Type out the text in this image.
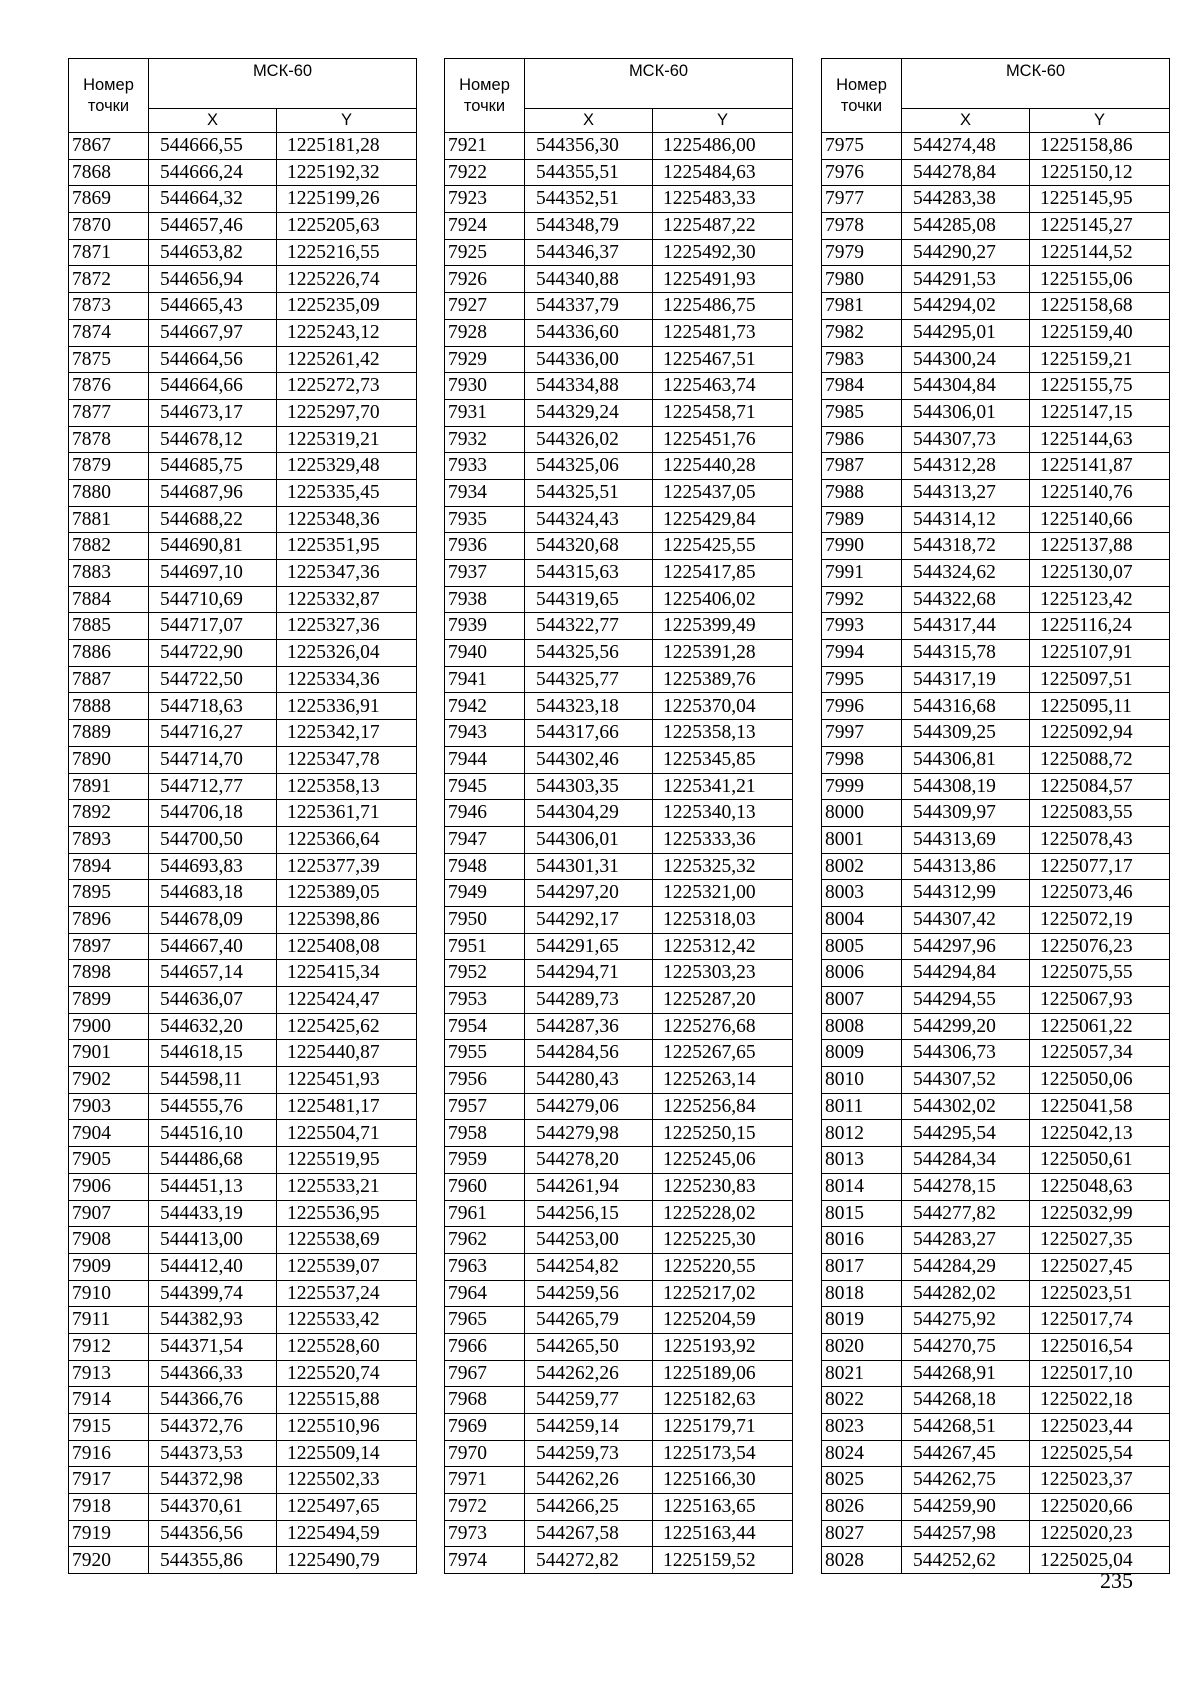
Номер точки	МСК-60	
	X	Y
7867	544666,55	1225181,28
7868	544666,24	1225192,32
7869	544664,32	1225199,26
7870	544657,46	1225205,63
7871	544653,82	1225216,55
7872	544656,94	1225226,74
7873	544665,43	1225235,09
7874	544667,97	1225243,12
7875	544664,56	1225261,42
7876	544664,66	1225272,73
7877	544673,17	1225297,70
7878	544678,12	1225319,21
7879	544685,75	1225329,48
7880	544687,96	1225335,45
7881	544688,22	1225348,36
7882	544690,81	1225351,95
7883	544697,10	1225347,36
7884	544710,69	1225332,87
7885	544717,07	1225327,36
7886	544722,90	1225326,04
7887	544722,50	1225334,36
7888	544718,63	1225336,91
7889	544716,27	1225342,17
7890	544714,70	1225347,78
7891	544712,77	1225358,13
7892	544706,18	1225361,71
7893	544700,50	1225366,64
7894	544693,83	1225377,39
7895	544683,18	1225389,05
7896	544678,09	1225398,86
7897	544667,40	1225408,08
7898	544657,14	1225415,34
7899	544636,07	1225424,47
7900	544632,20	1225425,62
7901	544618,15	1225440,87
7902	544598,11	1225451,93
7903	544555,76	1225481,17
7904	544516,10	1225504,71
7905	544486,68	1225519,95
7906	544451,13	1225533,21
7907	544433,19	1225536,95
7908	544413,00	1225538,69
7909	544412,40	1225539,07
7910	544399,74	1225537,24
7911	544382,93	1225533,42
7912	544371,54	1225528,60
7913	544366,33	1225520,74
7914	544366,76	1225515,88
7915	544372,76	1225510,96
7916	544373,53	1225509,14
7917	544372,98	1225502,33
7918	544370,61	1225497,65
7919	544356,56	1225494,59
7920	544355,86	1225490,79
Номер точки	МСК-60	
	X	Y
7921	544356,30	1225486,00
7922	544355,51	1225484,63
7923	544352,51	1225483,33
7924	544348,79	1225487,22
7925	544346,37	1225492,30
7926	544340,88	1225491,93
7927	544337,79	1225486,75
7928	544336,60	1225481,73
7929	544336,00	1225467,51
7930	544334,88	1225463,74
7931	544329,24	1225458,71
7932	544326,02	1225451,76
7933	544325,06	1225440,28
7934	544325,51	1225437,05
7935	544324,43	1225429,84
7936	544320,68	1225425,55
7937	544315,63	1225417,85
7938	544319,65	1225406,02
7939	544322,77	1225399,49
7940	544325,56	1225391,28
7941	544325,77	1225389,76
7942	544323,18	1225370,04
7943	544317,66	1225358,13
7944	544302,46	1225345,85
7945	544303,35	1225341,21
7946	544304,29	1225340,13
7947	544306,01	1225333,36
7948	544301,31	1225325,32
7949	544297,20	1225321,00
7950	544292,17	1225318,03
7951	544291,65	1225312,42
7952	544294,71	1225303,23
7953	544289,73	1225287,20
7954	544287,36	1225276,68
7955	544284,56	1225267,65
7956	544280,43	1225263,14
7957	544279,06	1225256,84
7958	544279,98	1225250,15
7959	544278,20	1225245,06
7960	544261,94	1225230,83
7961	544256,15	1225228,02
7962	544253,00	1225225,30
7963	544254,82	1225220,55
7964	544259,56	1225217,02
7965	544265,79	1225204,59
7966	544265,50	1225193,92
7967	544262,26	1225189,06
7968	544259,77	1225182,63
7969	544259,14	1225179,71
7970	544259,73	1225173,54
7971	544262,26	1225166,30
7972	544266,25	1225163,65
7973	544267,58	1225163,44
7974	544272,82	1225159,52
Номер точки	МСК-60	
	X	Y
7975	544274,48	1225158,86
7976	544278,84	1225150,12
7977	544283,38	1225145,95
7978	544285,08	1225145,27
7979	544290,27	1225144,52
7980	544291,53	1225155,06
7981	544294,02	1225158,68
7982	544295,01	1225159,40
7983	544300,24	1225159,21
7984	544304,84	1225155,75
7985	544306,01	1225147,15
7986	544307,73	1225144,63
7987	544312,28	1225141,87
7988	544313,27	1225140,76
7989	544314,12	1225140,66
7990	544318,72	1225137,88
7991	544324,62	1225130,07
7992	544322,68	1225123,42
7993	544317,44	1225116,24
7994	544315,78	1225107,91
7995	544317,19	1225097,51
7996	544316,68	1225095,11
7997	544309,25	1225092,94
7998	544306,81	1225088,72
7999	544308,19	1225084,57
8000	544309,97	1225083,55
8001	544313,69	1225078,43
8002	544313,86	1225077,17
8003	544312,99	1225073,46
8004	544307,42	1225072,19
8005	544297,96	1225076,23
8006	544294,84	1225075,55
8007	544294,55	1225067,93
8008	544299,20	1225061,22
8009	544306,73	1225057,34
8010	544307,52	1225050,06
8011	544302,02	1225041,58
8012	544295,54	1225042,13
8013	544284,34	1225050,61
8014	544278,15	1225048,63
8015	544277,82	1225032,99
8016	544283,27	1225027,35
8017	544284,29	1225027,45
8018	544282,02	1225023,51
8019	544275,92	1225017,74
8020	544270,75	1225016,54
8021	544268,91	1225017,10
8022	544268,18	1225022,18
8023	544268,51	1225023,44
8024	544267,45	1225025,54
8025	544262,75	1225023,37
8026	544259,90	1225020,66
8027	544257,98	1225020,23
8028	544252,62	1225025,04
235
